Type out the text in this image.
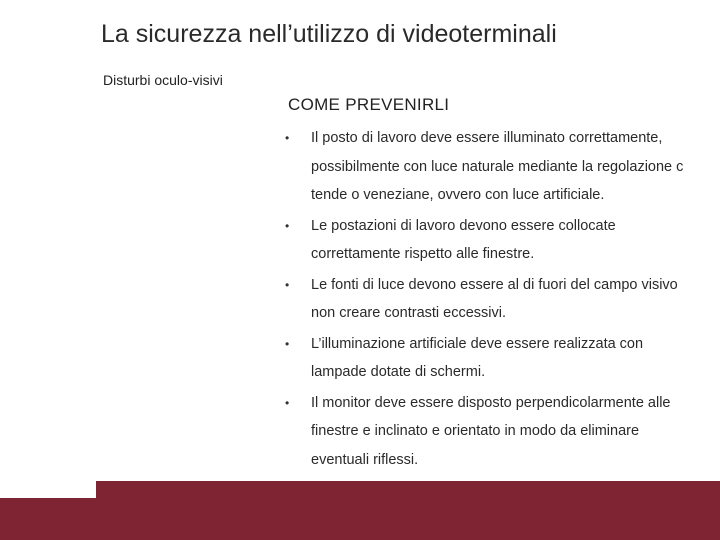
La sicurezza nell’utilizzo di videoterminali
Disturbi oculo-visivi
COME PREVENIRLI
• Il posto di lavoro deve essere illuminato correttamente,
possibilmente con luce naturale mediante la regolazione c
tende o veneziane, ovvero con luce artificiale.
• Le postazioni di lavoro devono essere collocate
correttamente rispetto alle finestre.
• Le fonti di luce devono essere al di fuori del campo visivo
non creare contrasti eccessivi.
• L’illuminazione artificiale deve essere realizzata con
lampade dotate di schermi.
• Il monitor deve essere disposto perpendicolarmente alle
finestre e inclinato e orientato in modo da eliminare
eventuali riflessi.
